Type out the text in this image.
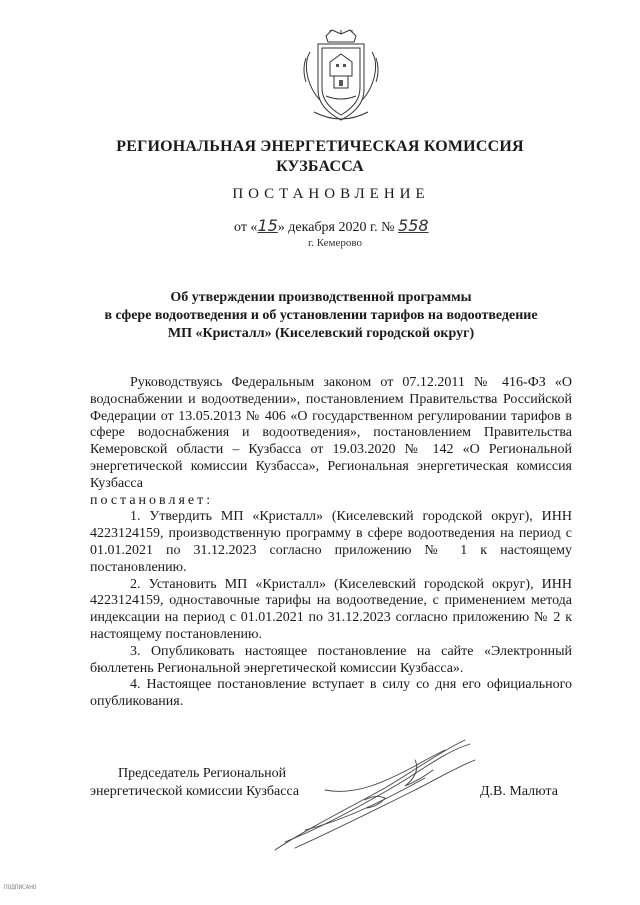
РЕГИОНАЛЬНАЯ ЭНЕРГЕТИЧЕСКАЯ КОМИССИЯ
КУЗБАССА
ПОСТАНОВЛЕНИЕ
от «15» декабря 2020 г. № 558
г. Кемерово
Об утверждении производственной программы
в сфере водоотведения и об установлении тарифов на водоотведение
МП «Кристалл» (Киселевский городской округ)

Руководствуясь Федеральным законом от 07.12.2011 № 416-ФЗ «О водоснабжении и водоотведении», постановлением Правительства Российской Федерации от 13.05.2013 № 406 «О государственном регулировании тарифов в сфере водоснабжения и водоотведения», постановлением Правительства Кемеровской области – Кузбасса от 19.03.2020 № 142 «О Региональной энергетической комиссии Кузбасса», Региональная энергетическая комиссия Кузбасса

постановляет:

1. Утвердить МП «Кристалл» (Киселевский городской округ), ИНН 4223124159, производственную программу в сфере водоотведения на период с 01.01.2021 по 31.12.2023 согласно приложению № 1 к настоящему постановлению.

2. Установить МП «Кристалл» (Киселевский городской округ), ИНН 4223124159, одноставочные тарифы на водоотведение, с применением метода индексации на период с 01.01.2021 по 31.12.2023 согласно приложению № 2 к настоящему постановлению.

3. Опубликовать настоящее постановление на сайте «Электронный бюллетень Региональной энергетической комиссии Кузбасса».

4. Настоящее постановление вступает в силу со дня его официального опубликования.

Председатель Региональной
энергетической комиссии Кузбасса	Д.В. Малюта
ПОДПИСАНО
